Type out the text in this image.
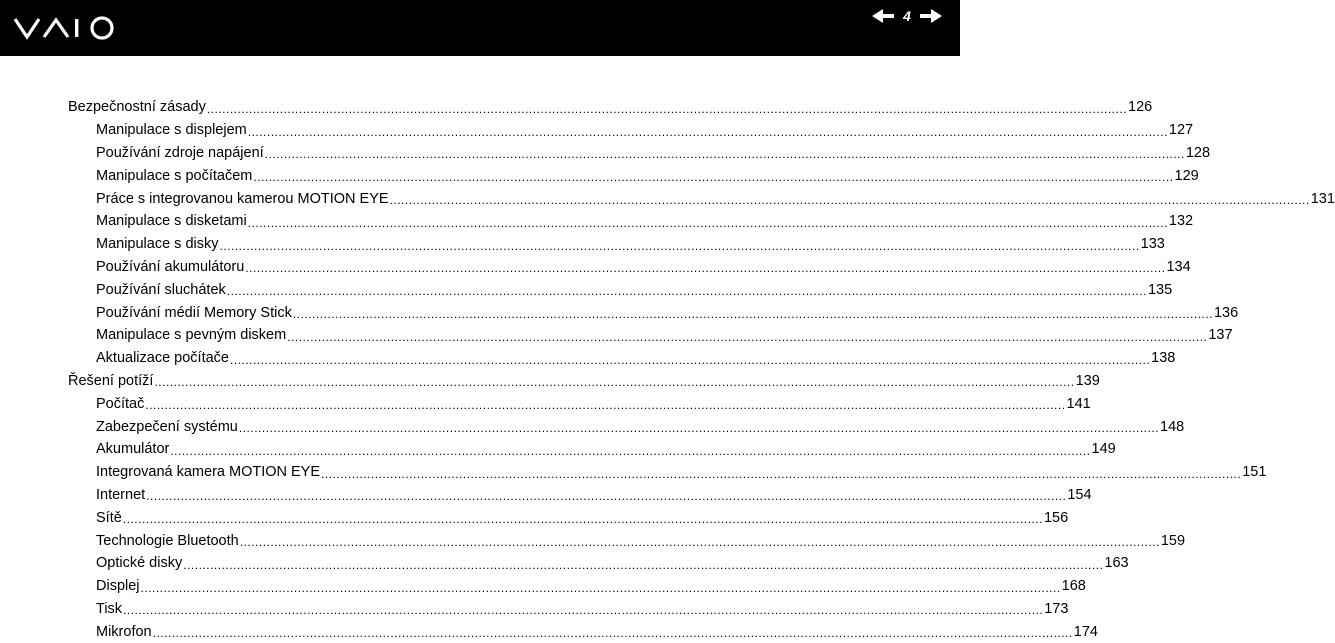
4
Bezpečnostní zásady .....	126
Manipulace s displejem .....	127
Používání zdroje napájení .....	128
Manipulace s počítačem .....	129
Práce s integrovanou kamerou MOTION EYE .....	131
Manipulace s disketami .....	132
Manipulace s disky .....	133
Používání akumulátoru .....	134
Používání sluchátek .....	135
Používání médií Memory Stick .....	136
Manipulace s pevným diskem .....	137
Aktualizace počítače .....	138
Řešení potíží .....	139
Počítač .....	141
Zabezpečení systému .....	148
Akumulátor .....	149
Integrovaná kamera MOTION EYE .....	151
Internet .....	154
Sítě .....	156
Technologie Bluetooth .....	159
Optické disky .....	163
Displej .....	168
Tisk .....	173
Mikrofon .....	174
